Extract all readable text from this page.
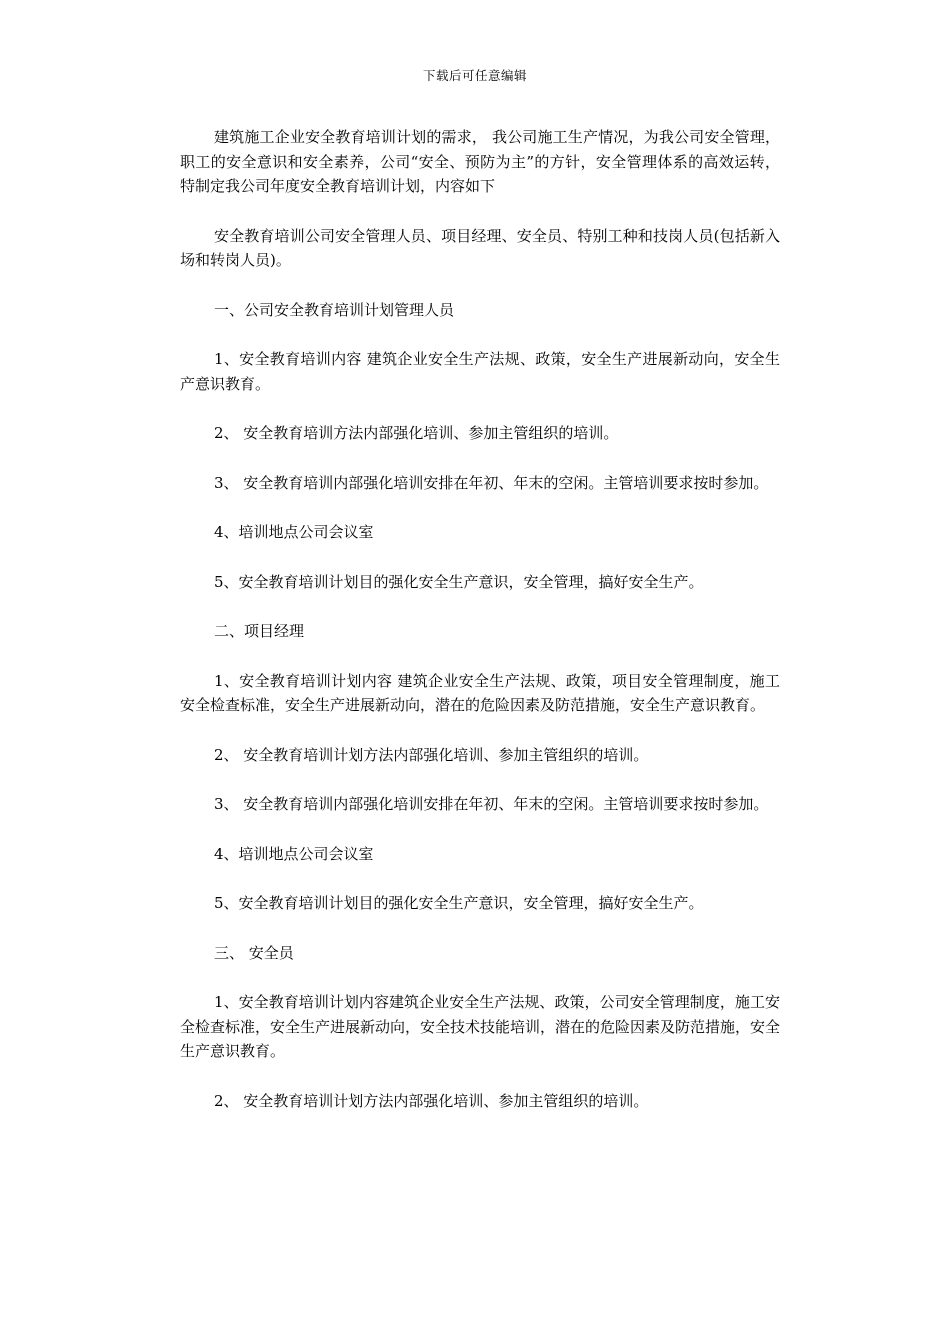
下载后可任意编辑

建筑施工企业安全教育培训计划的需求， 我公司施工生产情况，为我公司安全管理，职工的安全意识和安全素养，公司“安全、预防为主”的方针，安全管理体系的高效运转，特制定我公司年度安全教育培训计划，内容如下

安全教育培训公司安全管理人员、项目经理、安全员、特别工种和技岗人员(包括新入场和转岗人员)。

一、公司安全教育培训计划管理人员

1、安全教育培训内容 建筑企业安全生产法规、政策，安全生产进展新动向，安全生产意识教育。

2、 安全教育培训方法内部强化培训、参加主管组织的培训。

3、 安全教育培训内部强化培训安排在年初、年末的空闲。主管培训要求按时参加。

4、培训地点公司会议室

5、安全教育培训计划目的强化安全生产意识，安全管理，搞好安全生产。

二、项目经理

1、安全教育培训计划内容 建筑企业安全生产法规、政策，项目安全管理制度，施工安全检查标准，安全生产进展新动向，潜在的危险因素及防范措施，安全生产意识教育。

2、 安全教育培训计划方法内部强化培训、参加主管组织的培训。

3、 安全教育培训内部强化培训安排在年初、年末的空闲。主管培训要求按时参加。

4、培训地点公司会议室

5、安全教育培训计划目的强化安全生产意识，安全管理，搞好安全生产。

三、 安全员

1、安全教育培训计划内容建筑企业安全生产法规、政策，公司安全管理制度，施工安全检查标准，安全生产进展新动向，安全技术技能培训，潜在的危险因素及防范措施，安全生产意识教育。

2、 安全教育培训计划方法内部强化培训、参加主管组织的培训。
